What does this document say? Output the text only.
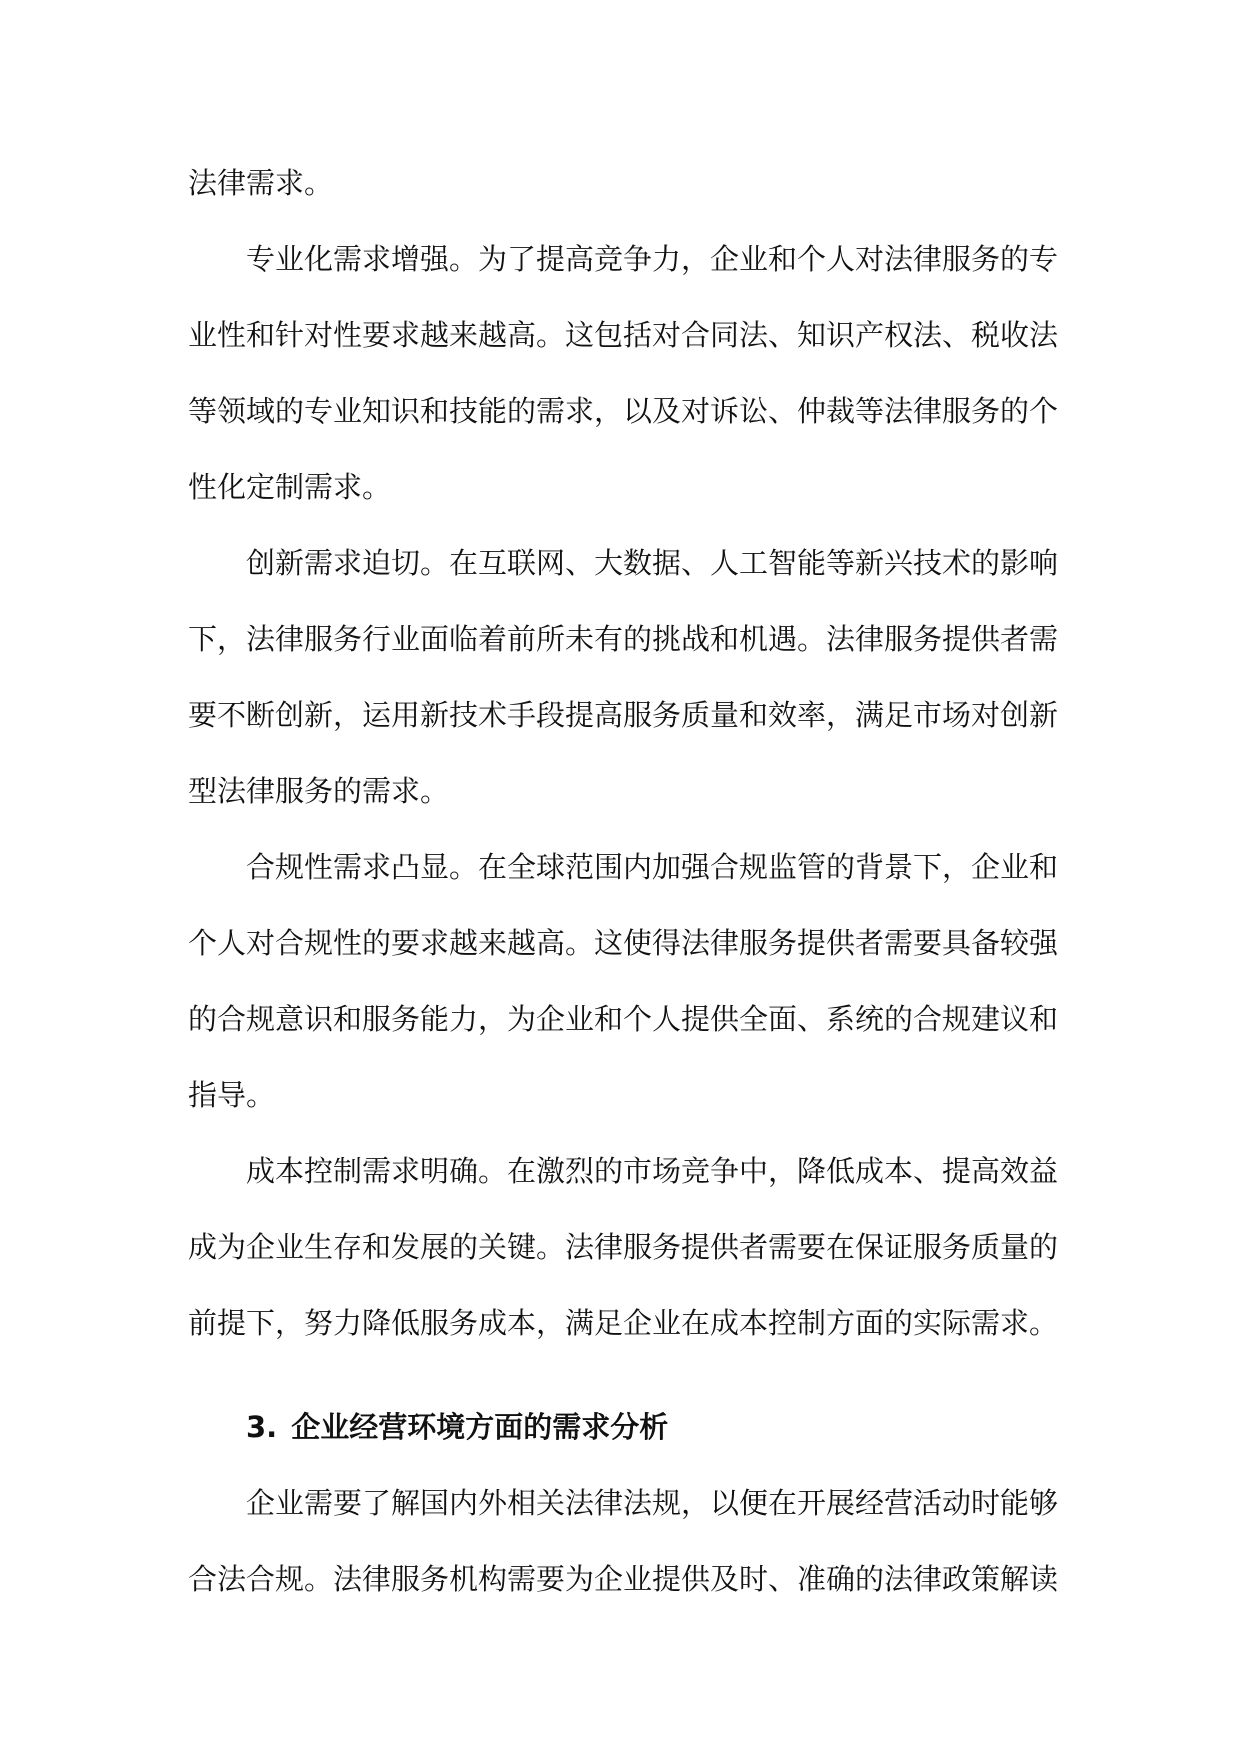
法律需求。

专业化需求增强。为了提高竞争力，企业和个人对法律服务的专业性和针对性要求越来越高。这包括对合同法、知识产权法、税收法等领域的专业知识和技能的需求，以及对诉讼、仲裁等法律服务的个性化定制需求。

创新需求迫切。在互联网、大数据、人工智能等新兴技术的影响下，法律服务行业面临着前所未有的挑战和机遇。法律服务提供者需要不断创新，运用新技术手段提高服务质量和效率，满足市场对创新型法律服务的需求。

合规性需求凸显。在全球范围内加强合规监管的背景下，企业和个人对合规性的要求越来越高。这使得法律服务提供者需要具备较强的合规意识和服务能力，为企业和个人提供全面、系统的合规建议和指导。

成本控制需求明确。在激烈的市场竞争中，降低成本、提高效益成为企业生存和发展的关键。法律服务提供者需要在保证服务质量的前提下，努力降低服务成本，满足企业在成本控制方面的实际需求。

3. 企业经营环境方面的需求分析

企业需要了解国内外相关法律法规，以便在开展经营活动时能够合法合规。法律服务机构需要为企业提供及时、准确的法律政策解读
